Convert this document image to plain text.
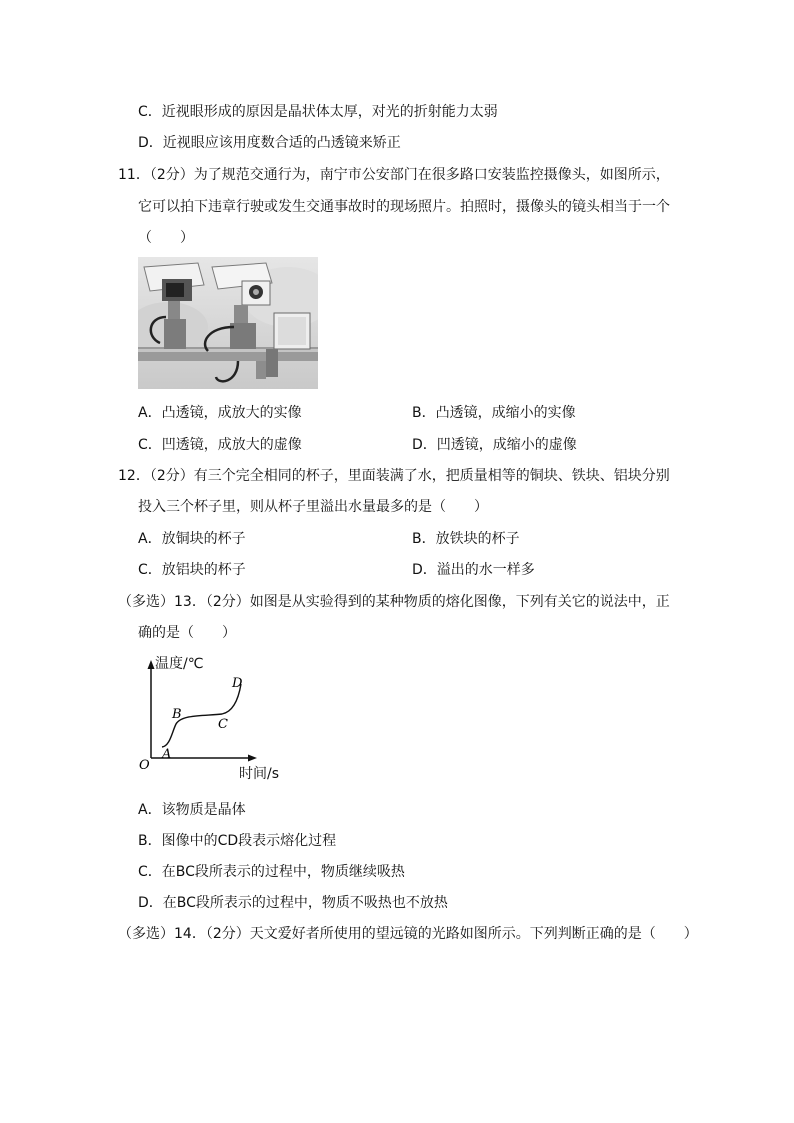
C．近视眼形成的原因是晶状体太厚，对光的折射能力太弱
D．近视眼应该用度数合适的凸透镜来矫正
11．（2分）为了规范交通行为，南宁市公安部门在很多路口安装监控摄像头，如图所示，
它可以拍下违章行驶或发生交通事故时的现场照片。拍照时，摄像头的镜头相当于一个
（　　）
A．凸透镜，成放大的实像	B．凸透镜，成缩小的实像
C．凹透镜，成放大的虚像	D．凹透镜，成缩小的虚像
12．（2分）有三个完全相同的杯子，里面装满了水，把质量相等的铜块、铁块、铝块分别
投入三个杯子里，则从杯子里溢出水量最多的是（　　）
A．放铜块的杯子	B．放铁块的杯子
C．放铝块的杯子	D．溢出的水一样多
（多选）13．（2分）如图是从实验得到的某种物质的熔化图像，下列有关它的说法中，正
确的是（　　）
O
A
B
C
D
温度/℃
时间/s
A．该物质是晶体
B．图像中的CD段表示熔化过程
C．在BC段所表示的过程中，物质继续吸热
D．在BC段所表示的过程中，物质不吸热也不放热
（多选）14．（2分）天文爱好者所使用的望远镜的光路如图所示。下列判断正确的是（　　）
